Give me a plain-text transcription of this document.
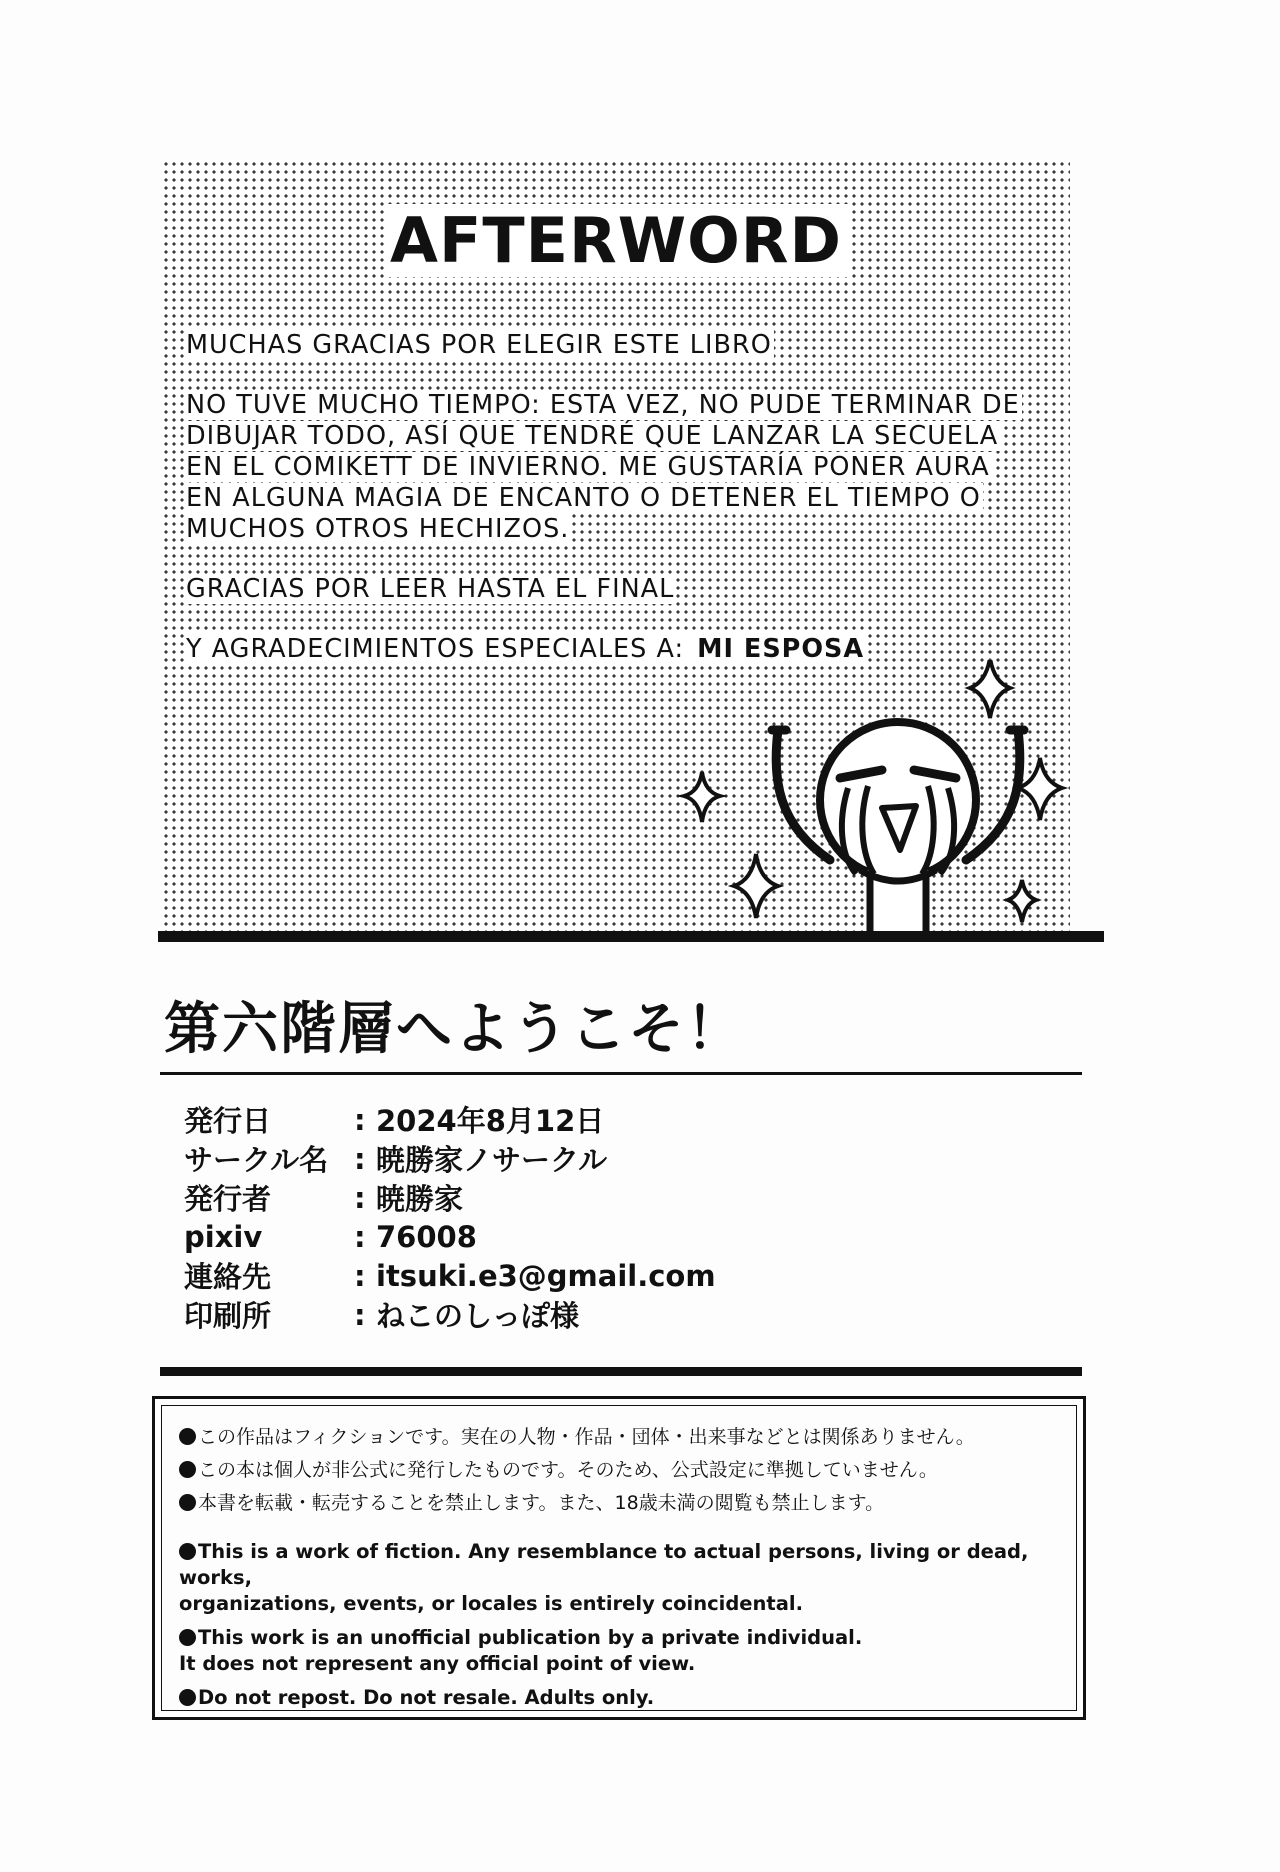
AFTERWORD

MUCHAS GRACIAS POR ELEGIR ESTE LIBRO

NO TUVE MUCHO TIEMPO: ESTA VEZ, NO PUDE TERMINAR DE DIBUJAR TODO, ASÍ QUE TENDRÉ QUE LANZAR LA SECUELA EN EL COMIKETT DE INVIERNO. ME GUSTARÍA PONER AURA EN ALGUNA MAGIA DE ENCANTO O DETENER EL TIEMPO O MUCHOS OTROS HECHIZOS.

GRACIAS POR LEER HASTA EL FINAL

Y AGRADECIMIENTOS ESPECIALES A: MI ESPOSA

第六階層へようこそ！
発行日	: 2024年8月12日
サークル名 : 暁勝家ノサークル
発行者	: 暁勝家
pixiv	: 76008
連絡先	: itsuki.e3@gmail.com
印刷所	: ねこのしっぽ様
この作品はフィクションです。実在の人物・作品・団体・出来事などとは関係ありません。
この本は個人が非公式に発行したものです。そのため、公式設定に準拠していません。
本書を転載・転売することを禁止します。また、18歳未満の閲覧も禁止します。

This is a work of fiction. Any resemblance to actual persons, living or dead, works,
organizations, events, or locales is entirely coincidental.

This work is an unofficial publication by a private individual.
It does not represent any official point of view.

Do not repost. Do not resale. Adults only.
